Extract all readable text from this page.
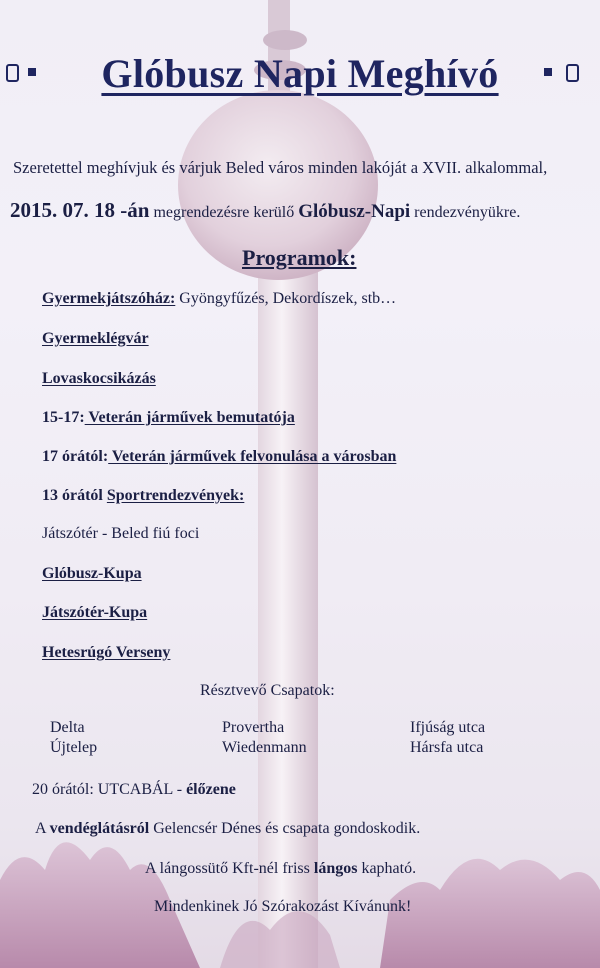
Glóbusz Napi Meghívó
Szeretettel meghívjuk és várjuk Beled város minden lakóját a XVII. alkalommal,
2015. 07. 18 -án megrendezésre kerülő Glóbusz-Napi rendezvényükre.
Programok:
Gyermekjátszóház: Gyöngyfűzés, Dekordíszek, stb…
Gyermeklégvár
Lovaskocsikázás
15-17: Veterán járművek bemutatója
17 órától: Veterán járművek felvonulása a városban
13 órától Sportrendezvények:
Játszótér - Beled fiú foci
Glóbusz-Kupa
Játszótér-Kupa
Hetesrúgó Verseny
Résztvevő Csapatok:
Delta
Újtelep
Provertha
Wiedenmann
Ifjúság utca
Hársfa utca
20 órától: UTCABÁL - élőzene
A vendéglátásról Gelencsér Dénes és csapata gondoskodik.
A lángossütő Kft-nél friss lángos kapható.
Mindenkinek Jó Szórakozást Kívánunk!
